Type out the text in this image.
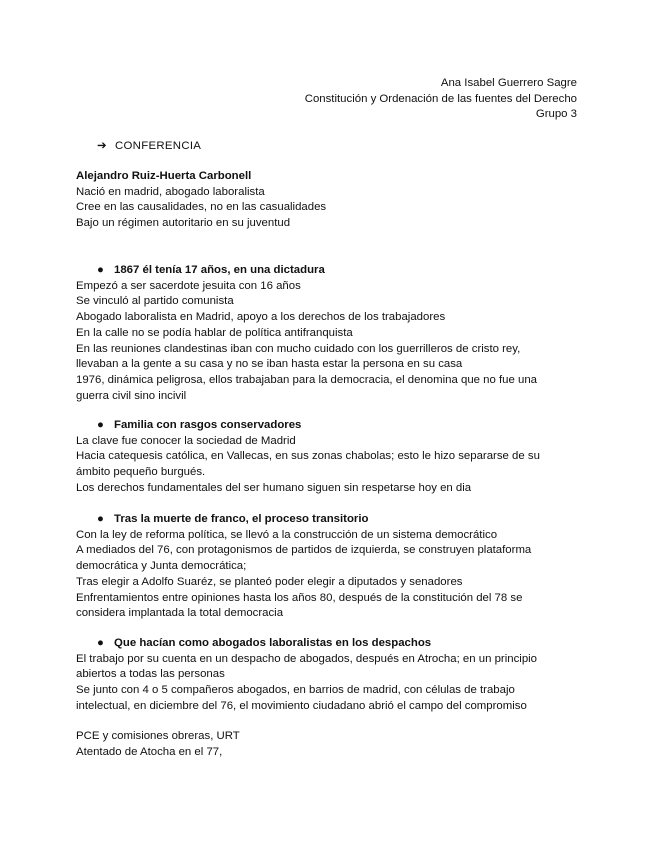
Ana Isabel Guerrero Sagre

Constitución y Ordenación de las fuentes del Derecho

Grupo 3

➔ CONFERENCIA

Alejandro Ruiz-Huerta Carbonell

Nació en madrid, abogado laboralista

Cree en las causalidades, no en las casualidades

Bajo un régimen autoritario en su juventud

● 1867 él tenía 17 años, en una dictadura

Empezó a ser sacerdote jesuita con 16 años

Se vinculó al partido comunista

Abogado laboralista en Madrid, apoyo a los derechos de los trabajadores

En la calle no se podía hablar de política antifranquista

En las reuniones clandestinas iban con mucho cuidado con los guerrilleros de cristo rey,

llevaban a la gente a su casa y no se iban hasta estar la persona en su casa

1976, dinámica peligrosa, ellos trabajaban para la democracia, el denomina que no fue una

guerra civil sino incivil

● Familia con rasgos conservadores

La clave fue conocer la sociedad de Madrid

Hacia catequesis católica, en Vallecas, en sus zonas chabolas; esto le hizo separarse de su

ámbito pequeño burgués.

Los derechos fundamentales del ser humano siguen sin respetarse hoy en dia

● Tras la muerte de franco, el proceso transitorio

Con la ley de reforma política, se llevó a la construcción de un sistema democrático

A mediados del 76, con protagonismos de partidos de izquierda, se construyen plataforma

democrática y Junta democrática;

Tras elegir a Adolfo Suaréz, se planteó poder elegir a diputados y senadores

Enfrentamientos entre opiniones hasta los años 80, después de la constitución del 78 se

considera implantada la total democracia

● Que hacían como abogados laboralistas en los despachos

El trabajo por su cuenta en un despacho de abogados, después en Atrocha; en un principio

abiertos a todas las personas

Se junto con 4 o 5 compañeros abogados, en barrios de madrid, con células de trabajo

intelectual, en diciembre del 76, el movimiento ciudadano abrió el campo del compromiso

PCE y comisiones obreras, URT

Atentado de Atocha en el 77,
